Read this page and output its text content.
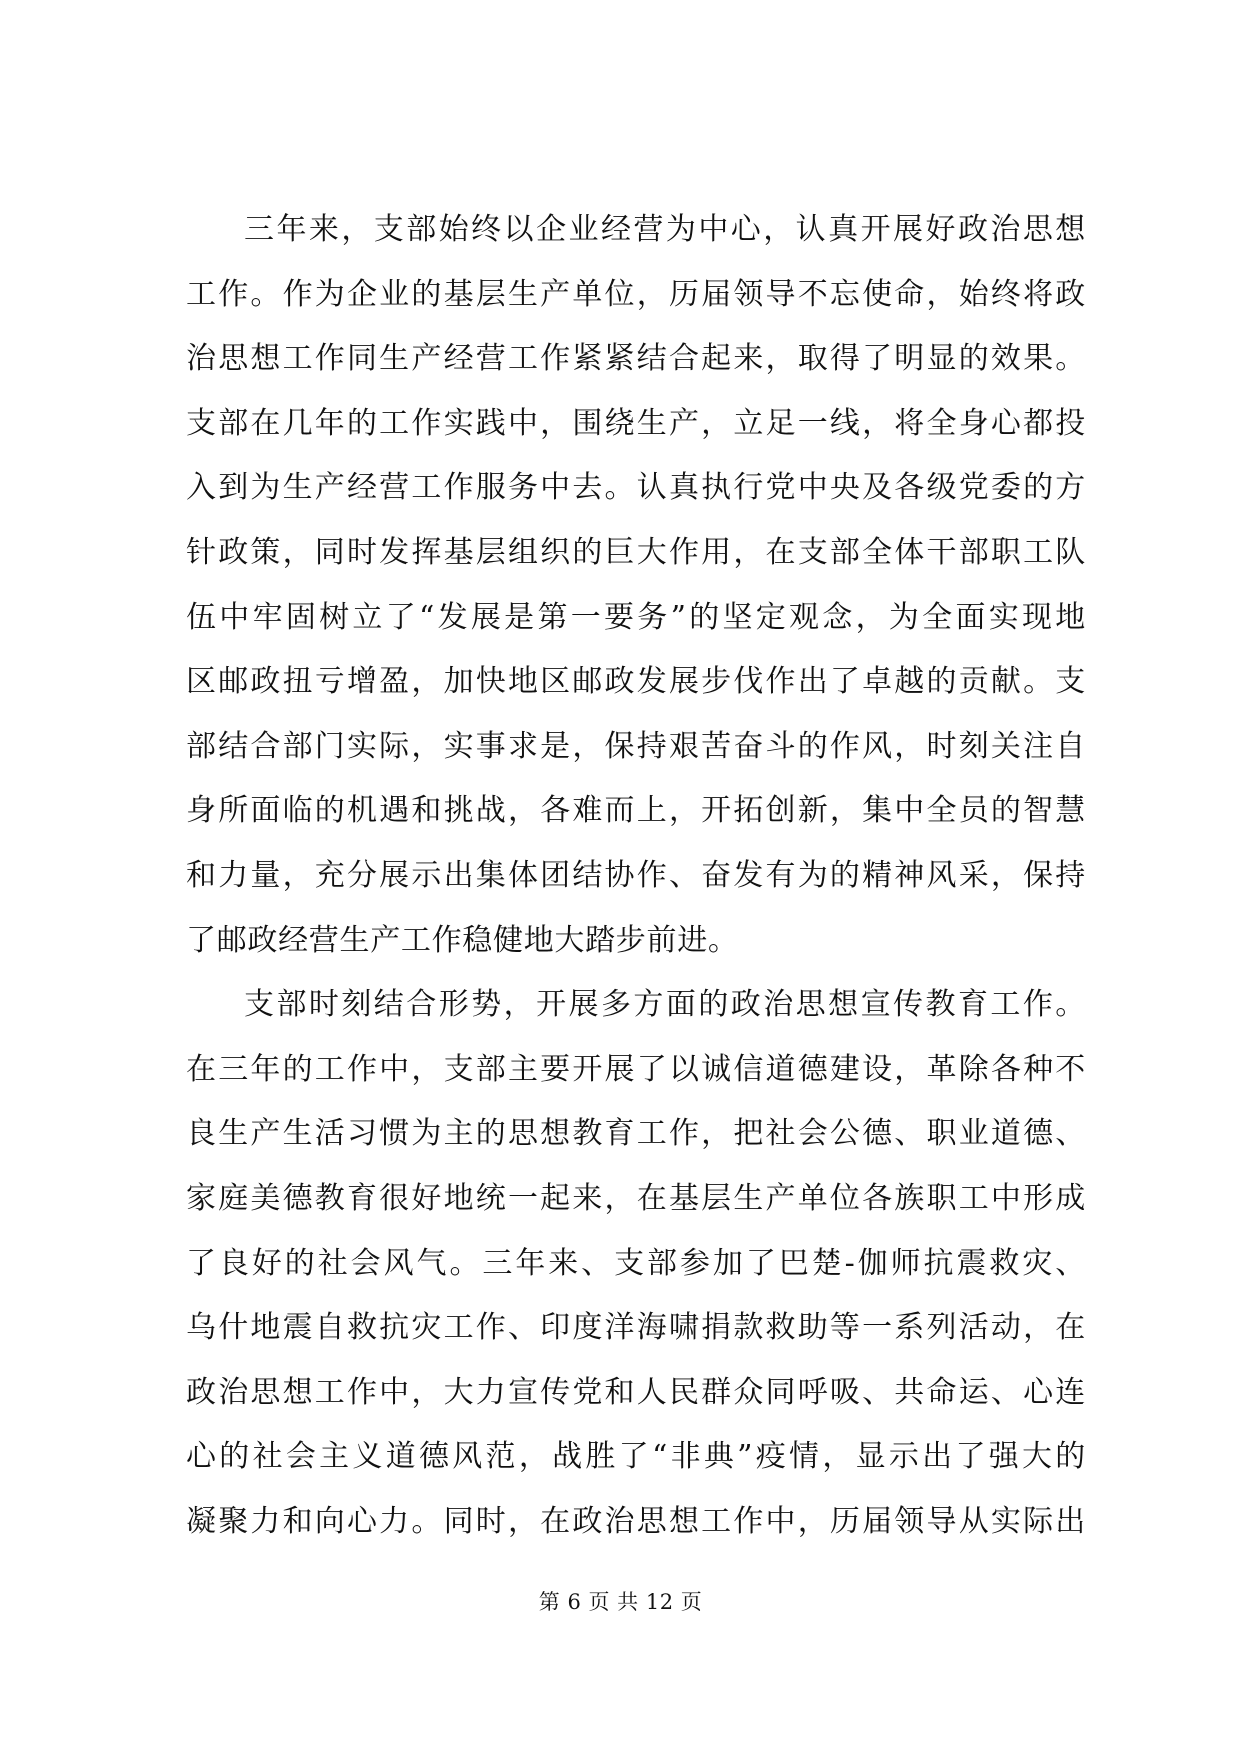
三年来，支部始终以企业经营为中心，认真开展好政治思想
工作。作为企业的基层生产单位，历届领导不忘使命，始终将政
治思想工作同生产经营工作紧紧结合起来，取得了明显的效果。
支部在几年的工作实践中，围绕生产，立足一线，将全身心都投
入到为生产经营工作服务中去。认真执行党中央及各级党委的方
针政策，同时发挥基层组织的巨大作用，在支部全体干部职工队
伍中牢固树立了“发展是第一要务”的坚定观念，为全面实现地
区邮政扭亏增盈，加快地区邮政发展步伐作出了卓越的贡献。支
部结合部门实际，实事求是，保持艰苦奋斗的作风，时刻关注自
身所面临的机遇和挑战，各难而上，开拓创新，集中全员的智慧
和力量，充分展示出集体团结协作、奋发有为的精神风采，保持
了邮政经营生产工作稳健地大踏步前进。
支部时刻结合形势，开展多方面的政治思想宣传教育工作。
在三年的工作中，支部主要开展了以诚信道德建设，革除各种不
良生产生活习惯为主的思想教育工作，把社会公德、职业道德、
家庭美德教育很好地统一起来，在基层生产单位各族职工中形成
了良好的社会风气。三年来、支部参加了巴楚-伽师抗震救灾、
乌什地震自救抗灾工作、印度洋海啸捐款救助等一系列活动，在
政治思想工作中，大力宣传党和人民群众同呼吸、共命运、心连
心的社会主义道德风范，战胜了“非典”疫情，显示出了强大的
凝聚力和向心力。同时，在政治思想工作中，历届领导从实际出
第 6 页 共 12 页
